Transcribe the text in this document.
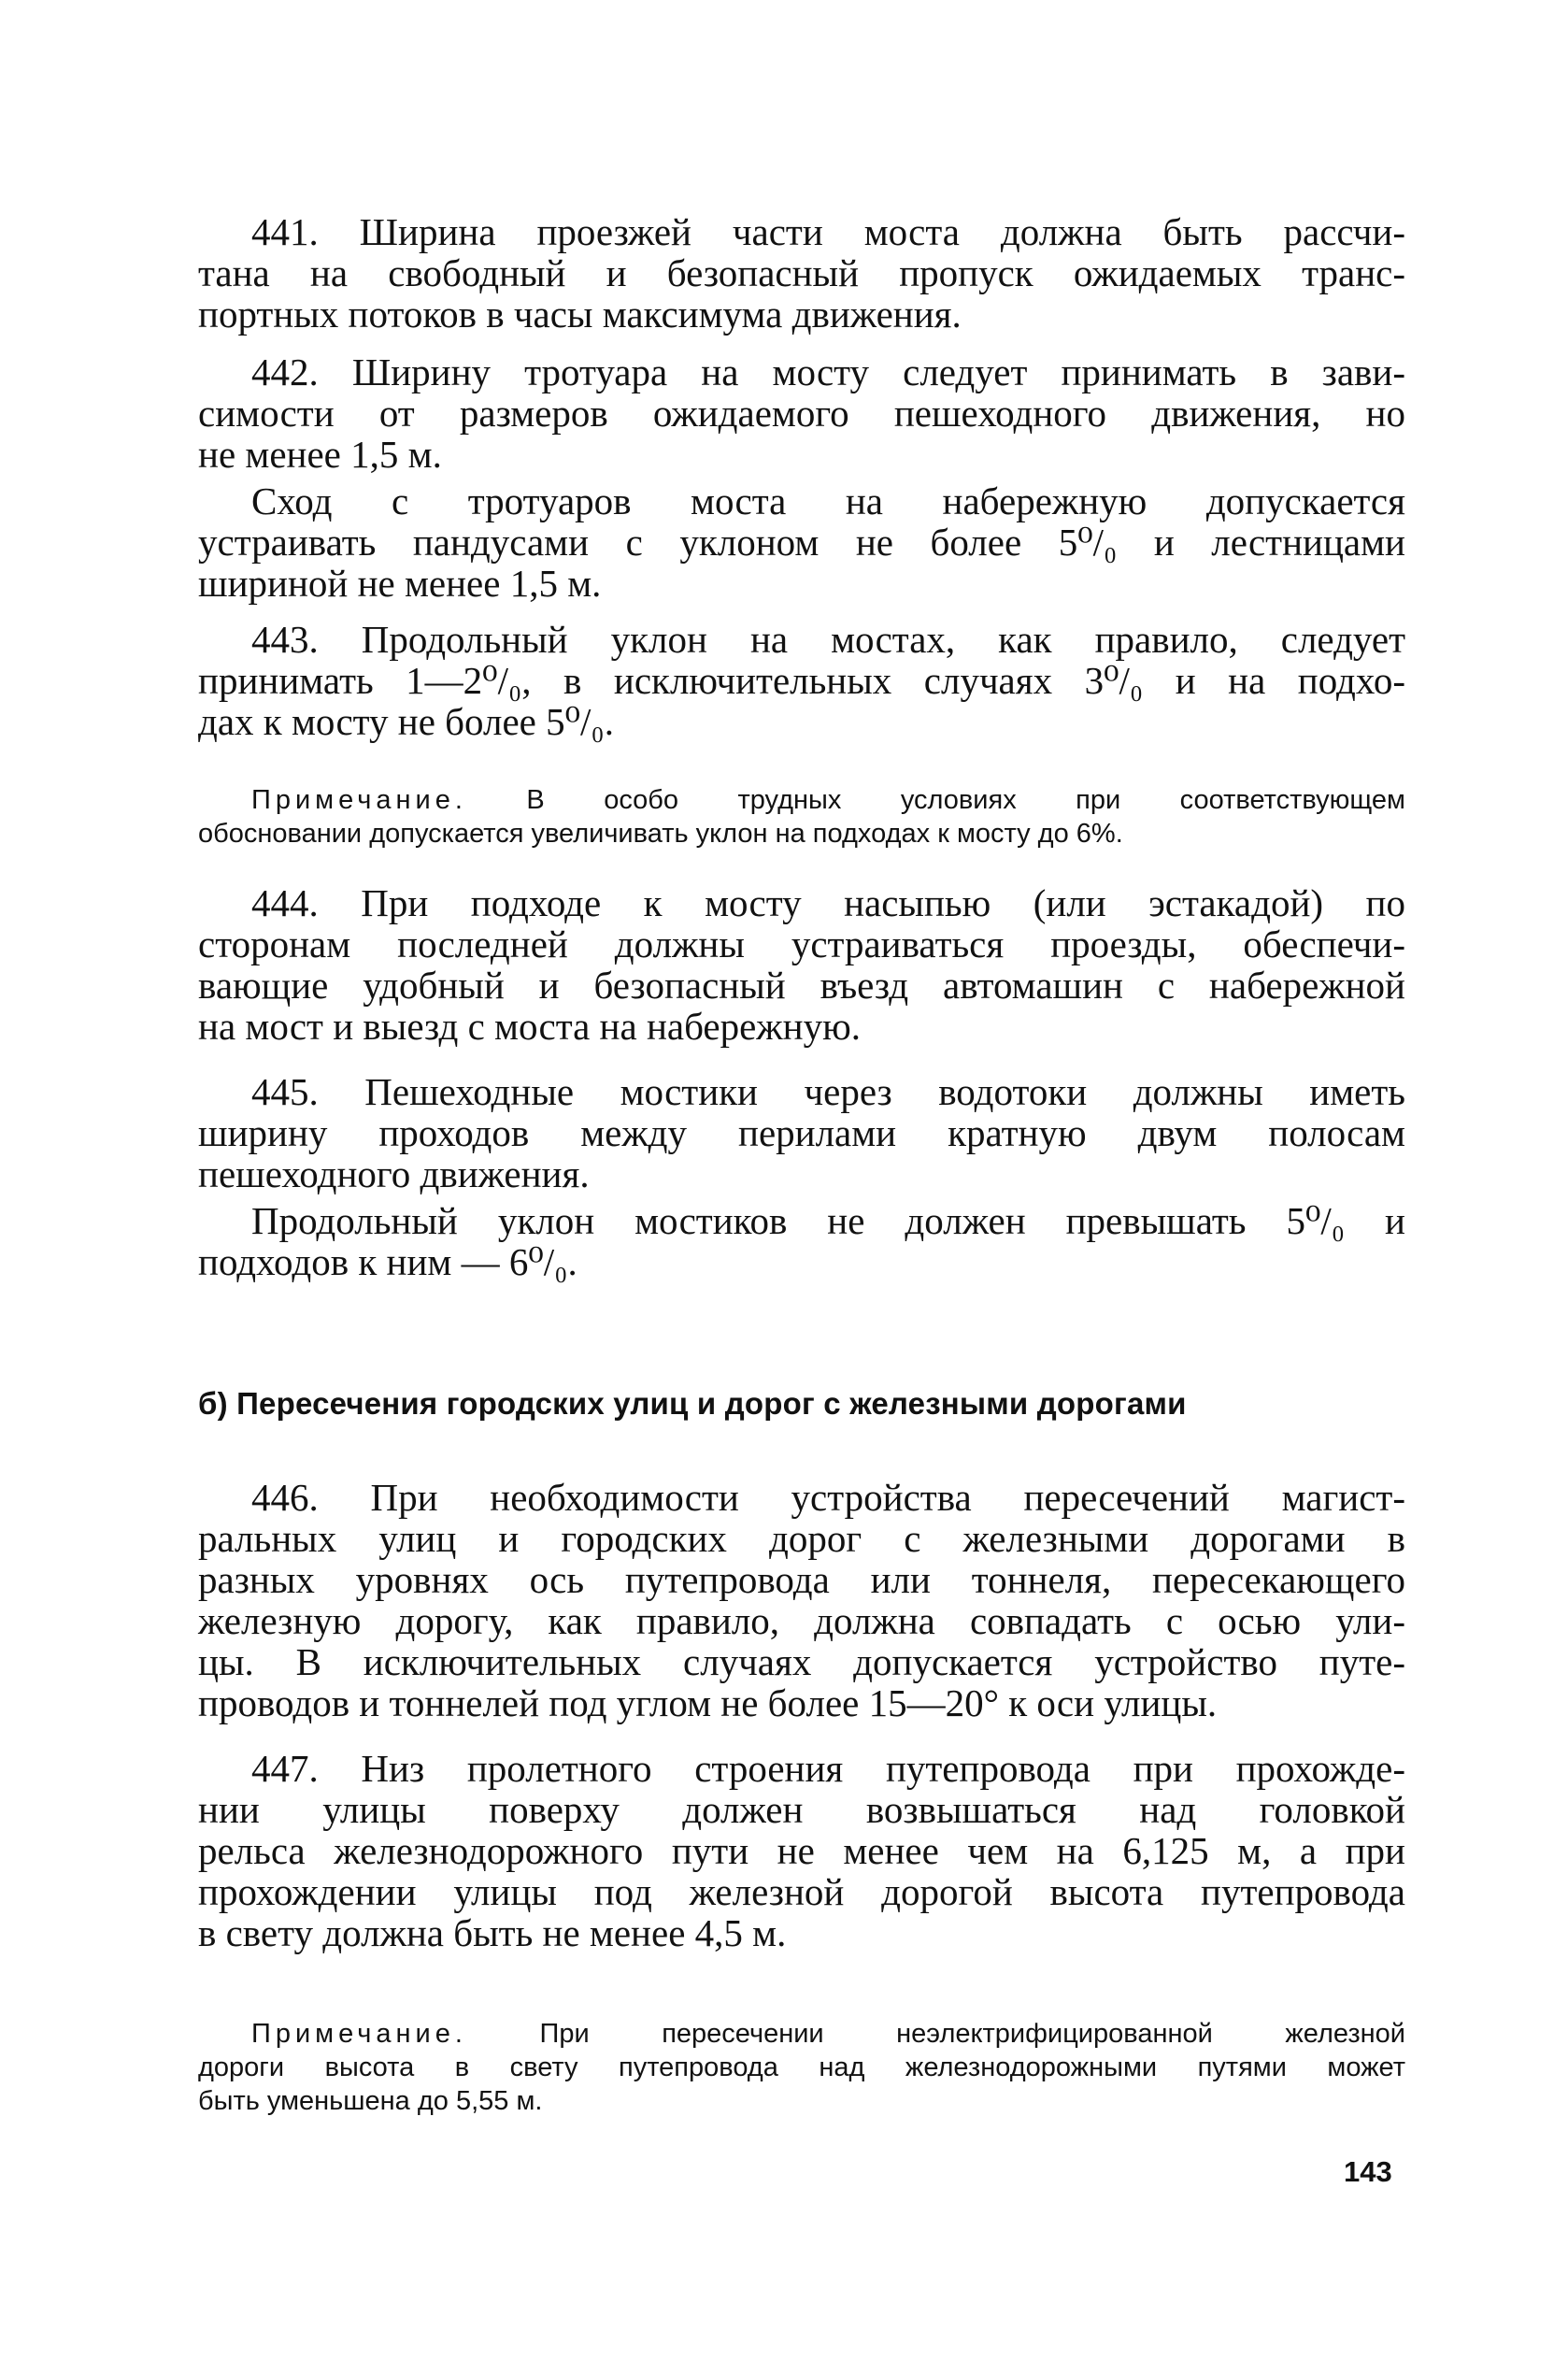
441. Ширина проезжей части моста должна быть рассчи-
тана на свободный и безопасный пропуск ожидаемых транс-
портных потоков в часы максимума движения.

442. Ширину тротуара на мосту следует принимать в зави-
симости от размеров ожидаемого пешеходного движения, но
не менее 1,5 м.

Сход с тротуаров моста на набережную допускается
устраивать пандусами с уклоном не более 5⁰/₀ и лестницами
шириной не менее 1,5 м.

443. Продольный уклон на мостах, как правило, следует
принимать 1—2⁰/₀, в исключительных случаях 3⁰/₀ и на подхо-
дах к мосту не более 5⁰/₀.

Примечание. В особо трудных условиях при соответствующем
обосновании допускается увеличивать уклон на подходах к мосту до 6%.

444. При подходе к мосту насыпью (или эстакадой) по
сторонам последней должны устраиваться проезды, обеспечи-
вающие удобный и безопасный въезд автомашин с набережной
на мост и выезд с моста на набережную.

445. Пешеходные мостики через водотоки должны иметь
ширину проходов между перилами кратную двум полосам
пешеходного движения.

Продольный уклон мостиков не должен превышать 5⁰/₀ и
подходов к ним — 6⁰/₀.

б) Пересечения городских улиц и дорог с железными дорогами

446. При необходимости устройства пересечений магист-
ральных улиц и городских дорог с железными дорогами в
разных уровнях ось путепровода или тоннеля, пересекающего
железную дорогу, как правило, должна совпадать с осью ули-
цы. В исключительных случаях допускается устройство путе-
проводов и тоннелей под углом не более 15—20° к оси улицы.

447. Низ пролетного строения путепровода при прохожде-
нии улицы поверху должен возвышаться над головкой
рельса железнодорожного пути не менее чем на 6,125 м, а при
прохождении улицы под железной дорогой высота путепровода
в свету должна быть не менее 4,5 м.

Примечание. При пересечении неэлектрифицированной железной
дороги высота в свету путепровода над железнодорожными путями может
быть уменьшена до 5,55 м.

143
